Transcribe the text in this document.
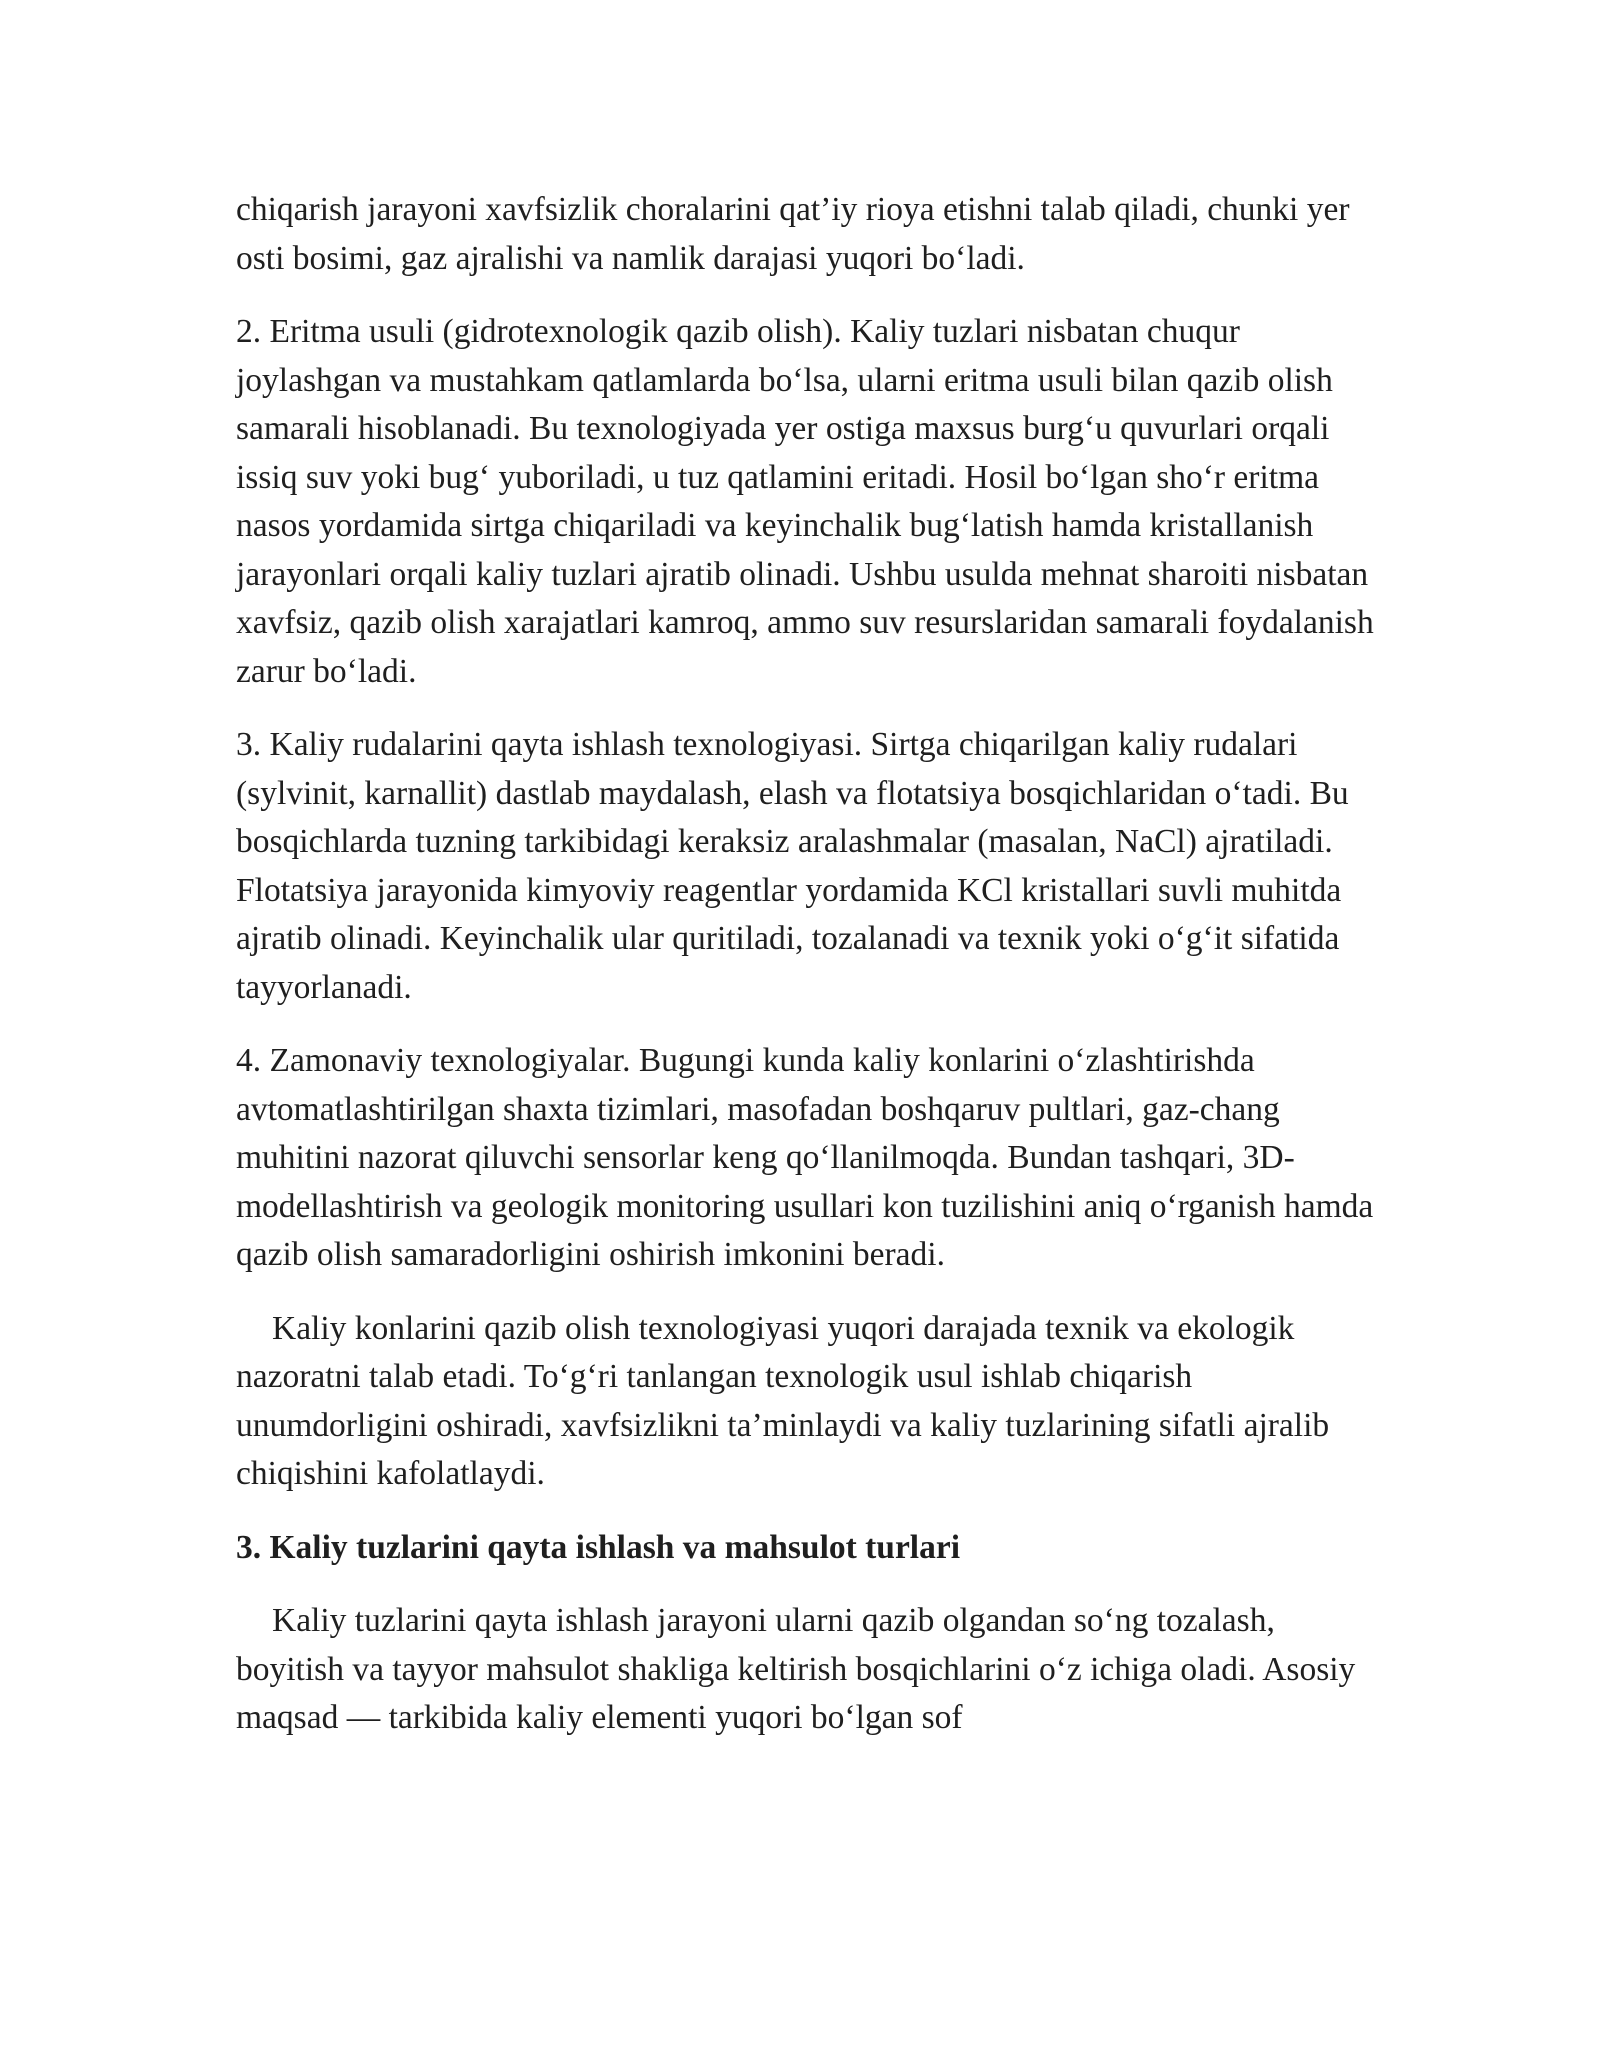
chiqarish jarayoni xavfsizlik choralarini qat’iy rioya etishni talab qiladi, chunki yer osti bosimi, gaz ajralishi va namlik darajasi yuqori bo‘ladi.

2. Eritma usuli (gidrotexnologik qazib olish). Kaliy tuzlari nisbatan chuqur joylashgan va mustahkam qatlamlarda bo‘lsa, ularni eritma usuli bilan qazib olish samarali hisoblanadi. Bu texnologiyada yer ostiga maxsus burg‘u quvurlari orqali issiq suv yoki bug‘ yuboriladi, u tuz qatlamini eritadi. Hosil bo‘lgan sho‘r eritma nasos yordamida sirtga chiqariladi va keyinchalik bug‘latish hamda kristallanish jarayonlari orqali kaliy tuzlari ajratib olinadi. Ushbu usulda mehnat sharoiti nisbatan xavfsiz, qazib olish xarajatlari kamroq, ammo suv resurslaridan samarali foydalanish zarur bo‘ladi.

3. Kaliy rudalarini qayta ishlash texnologiyasi. Sirtga chiqarilgan kaliy rudalari (sylvinit, karnallit) dastlab maydalash, elash va flotatsiya bosqichlaridan o‘tadi. Bu bosqichlarda tuzning tarkibidagi keraksiz aralashmalar (masalan, NaCl) ajratiladi. Flotatsiya jarayonida kimyoviy reagentlar yordamida KCl kristallari suvli muhitda ajratib olinadi. Keyinchalik ular quritiladi, tozalanadi va texnik yoki o‘g‘it sifatida tayyorlanadi.

4. Zamonaviy texnologiyalar. Bugungi kunda kaliy konlarini o‘zlashtirishda avtomatlashtirilgan shaxta tizimlari, masofadan boshqaruv pultlari, gaz-chang muhitini nazorat qiluvchi sensorlar keng qo‘llanilmoqda. Bundan tashqari, 3D-modellashtirish va geologik monitoring usullari kon tuzilishini aniq o‘rganish hamda qazib olish samaradorligini oshirish imkonini beradi.

Kaliy konlarini qazib olish texnologiyasi yuqori darajada texnik va ekologik nazoratni talab etadi. To‘g‘ri tanlangan texnologik usul ishlab chiqarish unumdorligini oshiradi, xavfsizlikni ta’minlaydi va kaliy tuzlarining sifatli ajralib chiqishini kafolatlaydi.

3. Kaliy tuzlarini qayta ishlash va mahsulot turlari

Kaliy tuzlarini qayta ishlash jarayoni ularni qazib olgandan so‘ng tozalash, boyitish va tayyor mahsulot shakliga keltirish bosqichlarini o‘z ichiga oladi. Asosiy maqsad — tarkibida kaliy elementi yuqori bo‘lgan sof
